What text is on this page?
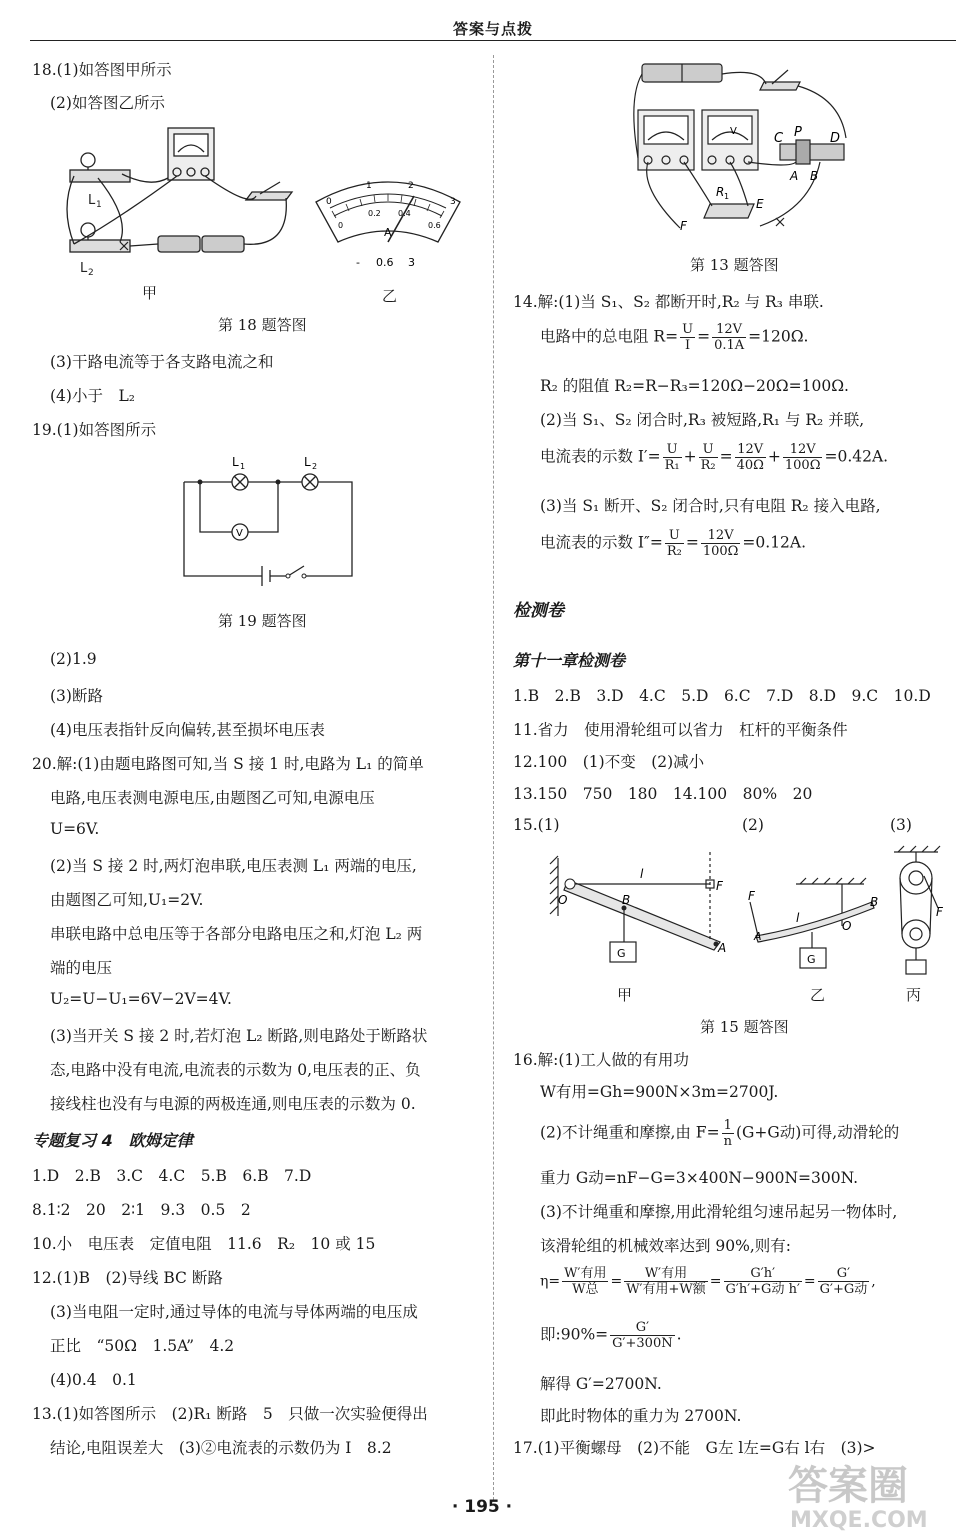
答案与点拨
18.(1)如答图甲所示
(2)如答图乙所示
L 1
L 2
甲
0
1	2
3
0
0.2 0.4
0.6
A
- 0.6 3
乙
第 18 题答图
(3)干路电流等于各支路电流之和
(4)小于　L₂
19.(1)如答图所示
V
L 1	L 2
第 19 题答图
(2)1.9
(3)断路
(4)电压表指针反向偏转,甚至损坏电压表
20.解:(1)由题电路图可知,当 S 接 1 时,电路为 L₁ 的简单
电路,电压表测电源电压,由题图乙可知,电源电压
U=6V.
(2)当 S 接 2 时,两灯泡串联,电压表测 L₁ 两端的电压,
由题图乙可知,U₁=2V.
串联电路中总电压等于各部分电路电压之和,灯泡 L₂ 两
端的电压
U₂=U−U₁=6V−2V=4V.
(3)当开关 S 接 2 时,若灯泡 L₂ 断路,则电路处于断路状
态,电路中没有电流,电流表的示数为 0,电压表的正、负
接线柱也没有与电源的两极连通,则电压表的示数为 0.
专题复习 4　欧姆定律
1.D　2.B　3.C　4.C　5.B　6.B　7.D
8.1∶2　20　2∶1　9.3　0.5　2
10.小　电压表　定值电阻　11.6　R₂　10 或 15
12.(1)B　(2)导线 BC 断路
(3)当电阻一定时,通过导体的电流与导体两端的电压成
正比　“50Ω　1.5A”　4.2
(4)0.4　0.1
13.(1)如答图所示　(2)R₁ 断路　5　只做一次实验便得出
结论,电阻误差大　(3)②电流表的示数仍为 I　8.2
V	C P D
A B
R 1
E
F
第 13 题答图
14.解:(1)当 S₁、S₂ 都断开时,R₂ 与 R₃ 串联.
电路中的总电阻 $R= \frac{U}{I} = \frac{12V}{0.1A} =120\Omega$.
R₂ 的阻值 R₂=R−R₃=120Ω−20Ω=100Ω.
(2)当 S₁、S₂ 闭合时,R₃ 被短路,R₁ 与 R₂ 并联,
电流表的示数 $I'= \frac{U}{\text{R₁}} + \frac{U}{\text{R₂}} = \frac{12V}{40\Omega} + \frac{12V}{100\Omega} =0.42A$.
(3)当 S₁ 断开、S₂ 闭合时,只有电阻 R₂ 接入电路,
电流表的示数 $I''= \frac{U}{\text{R₂}} = \frac{12V}{100\Omega} =0.12A$.
检测卷
第十一章检测卷
1.B　2.B　3.D　4.C　5.D　6.C　7.D　8.D　9.C　10.D
11.省力　使用滑轮组可以省力　杠杆的平衡条件
12.100　(1)不变　(2)减小
13.150　750　180　14.100　80%　20
15.(1)	(2)	(3)
O	B
l
F
A
G
甲
F
A
l
O
B
G
乙
F
丙
第 15 题答图
16.解:(1)工人做的有用功
W有用=Gh=900N×3m=2700J.
(2)不计绳重和摩擦,由 $F= \frac{1}{n} (G+G$动)可得,动滑轮的
重力 G动=nF−G=3×400N−900N=300N.
(3)不计绳重和摩擦,用此滑轮组匀速吊起另一物体时,
该滑轮组的机械效率达到 90%,则有:
$\eta= \frac{\text{W′有用}}{\text{W总}} = \frac{\text{W′有用}}{\text{W′有用+W额}} = \frac{G'h'}{\text{G′h′+G动 h′}} = \frac{G'}{\text{G′+G动}}$ ,
即:90%= $\frac{G'}{G'+300N}$ .
解得 G′=2700N.
即此时物体的重力为 2700N.
17.(1)平衡螺母　(2)不能　G左 l左=G右 l右　(3)>
· 195 ·	答案圈
MXQE.COM
